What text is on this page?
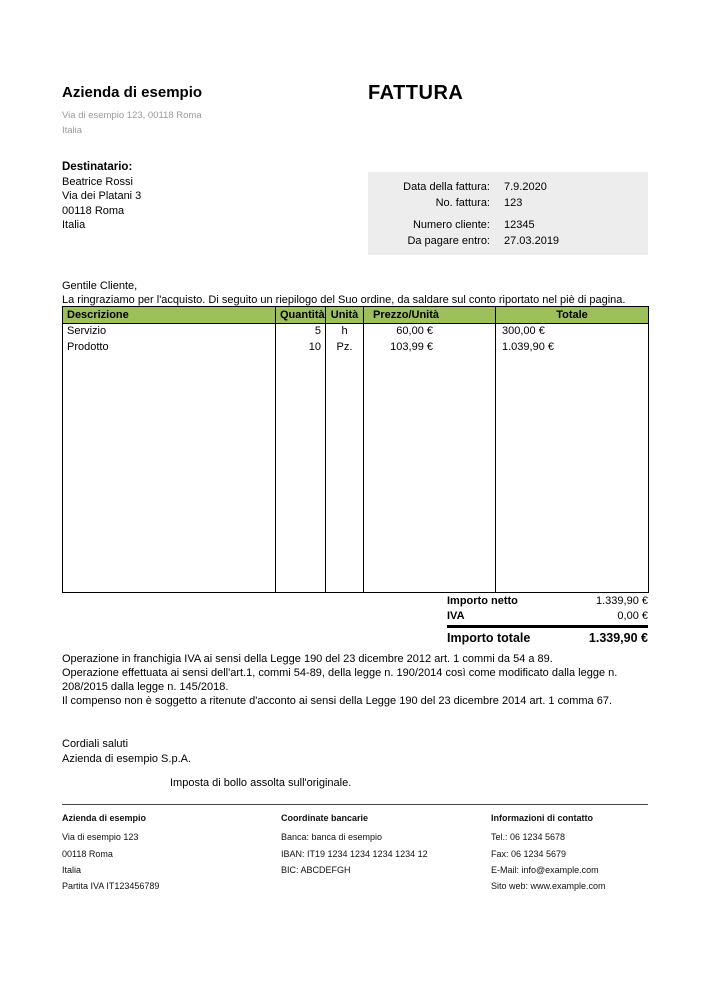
Azienda di esempio
Via di esempio 123, 00118 Roma
Italia
FATTURA
Destinatario:
Beatrice Rossi
Via dei Platani 3
00118 Roma
Italia
Data della fattura: 7.9.2020
No. fattura: 123
Numero cliente: 12345
Da pagare entro: 27.03.2019
Gentile Cliente,
La ringraziamo per l'acquisto. Di seguito un riepilogo del Suo ordine, da saldare sul conto riportato nel piè di pagina.
Descrizione	Quantità	Unità	Prezzo/Unità	Totale
Servizio	5	h	60,00 €	300,00 €
Prodotto	10	Pz.	103,99 €	1.039,90 €

Importo netto	1.339,90 €
IVA	0,00 €
Importo totale	1.339,90 €
Operazione in franchigia IVA ai sensi della Legge 190 del 23 dicembre 2012 art. 1 commi da 54 a 89.
Operazione effettuata ai sensi dell'art.1, commi 54-89, della legge n. 190/2014 così come modificato dalla legge n. 208/2015 dalla legge n. 145/2018.
Il compenso non è soggetto a ritenute d'acconto ai sensi della Legge 190 del 23 dicembre 2014 art. 1 comma 67.
Cordiali saluti
Azienda di esempio S.p.A.
Imposta di bollo assolta sull'originale.
Azienda di esempio
Via di esempio 123
00118 Roma
Italia
Partita IVA IT123456789
Coordinate bancarie
Banca: banca di esempio
IBAN: IT19 1234 1234 1234 1234 12
BIC: ABCDEFGH
Informazioni di contatto
Tel.: 06 1234 5678
Fax: 06 1234 5679
E-Mail: info@example.com
Sito web: www.example.com
